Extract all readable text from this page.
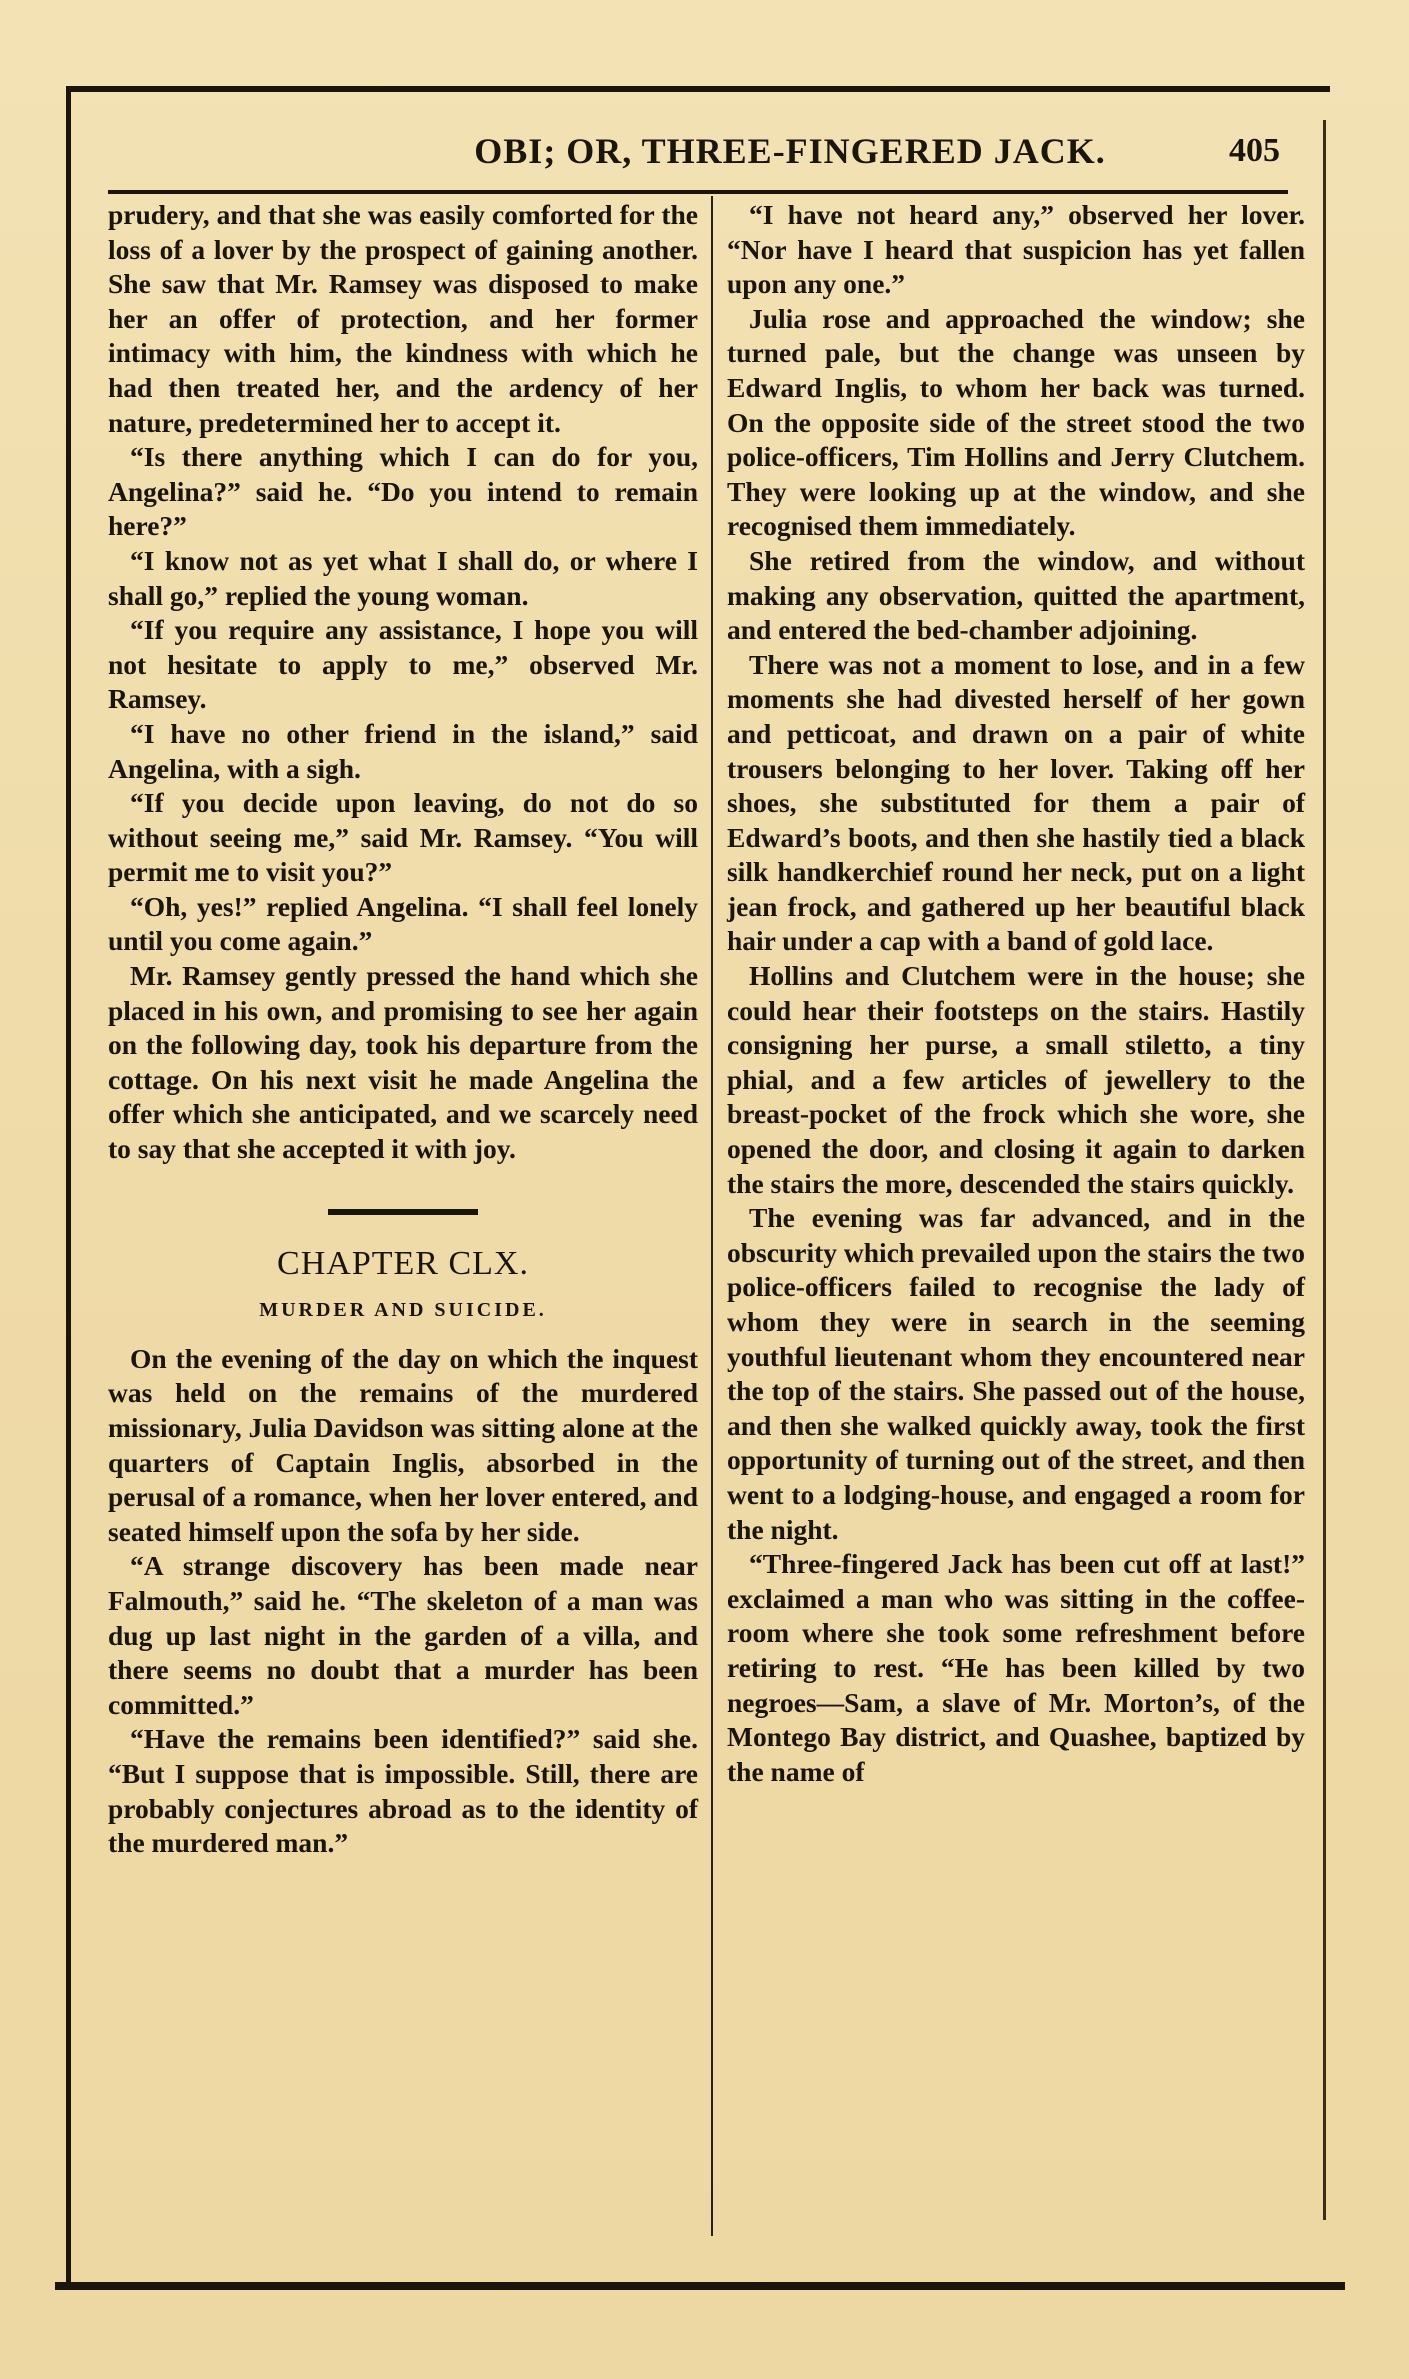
OBI; OR, THREE-FINGERED JACK.	405

prudery, and that she was easily comforted for the loss of a lover by the prospect of gaining another. She saw that Mr. Ramsey was disposed to make her an offer of protection, and her former intimacy with him, the kindness with which he had then treated her, and the ardency of her nature, predetermined her to accept it.

“Is there anything which I can do for you, Angelina?” said he. “Do you intend to remain here?”

“I know not as yet what I shall do, or where I shall go,” replied the young woman.

“If you require any assistance, I hope you will not hesitate to apply to me,” observed Mr. Ramsey.

“I have no other friend in the island,” said Angelina, with a sigh.

“If you decide upon leaving, do not do so without seeing me,” said Mr. Ramsey. “You will permit me to visit you?”

“Oh, yes!” replied Angelina. “I shall feel lonely until you come again.”

Mr. Ramsey gently pressed the hand which she placed in his own, and promising to see her again on the following day, took his departure from the cottage. On his next visit he made Angelina the offer which she anticipated, and we scarcely need to say that she accepted it with joy.

CHAPTER CLX.
MURDER AND SUICIDE.

On the evening of the day on which the inquest was held on the remains of the murdered missionary, Julia Davidson was sitting alone at the quarters of Captain Inglis, absorbed in the perusal of a romance, when her lover entered, and seated himself upon the sofa by her side.

“A strange discovery has been made near Falmouth,” said he. “The skeleton of a man was dug up last night in the garden of a villa, and there seems no doubt that a murder has been committed.”

“Have the remains been identified?” said she. “But I suppose that is impossible. Still, there are probably conjectures abroad as to the identity of the murdered man.”

“I have not heard any,” observed her lover. “Nor have I heard that suspicion has yet fallen upon any one.”

Julia rose and approached the window; she turned pale, but the change was unseen by Edward Inglis, to whom her back was turned. On the opposite side of the street stood the two police-officers, Tim Hollins and Jerry Clutchem. They were looking up at the window, and she recognised them immediately.

She retired from the window, and without making any observation, quitted the apartment, and entered the bed-chamber adjoining.

There was not a moment to lose, and in a few moments she had divested herself of her gown and petticoat, and drawn on a pair of white trousers belonging to her lover. Taking off her shoes, she substituted for them a pair of Edward’s boots, and then she hastily tied a black silk handkerchief round her neck, put on a light jean frock, and gathered up her beautiful black hair under a cap with a band of gold lace.

Hollins and Clutchem were in the house; she could hear their footsteps on the stairs. Hastily consigning her purse, a small stiletto, a tiny phial, and a few articles of jewellery to the breast-pocket of the frock which she wore, she opened the door, and closing it again to darken the stairs the more, descended the stairs quickly.

The evening was far advanced, and in the obscurity which prevailed upon the stairs the two police-officers failed to recognise the lady of whom they were in search in the seeming youthful lieutenant whom they encountered near the top of the stairs. She passed out of the house, and then she walked quickly away, took the first opportunity of turning out of the street, and then went to a lodging-house, and engaged a room for the night.

“Three-fingered Jack has been cut off at last!” exclaimed a man who was sitting in the coffee-room where she took some refreshment before retiring to rest. “He has been killed by two negroes—Sam, a slave of Mr. Morton’s, of the Montego Bay district, and Quashee, baptized by the name of
